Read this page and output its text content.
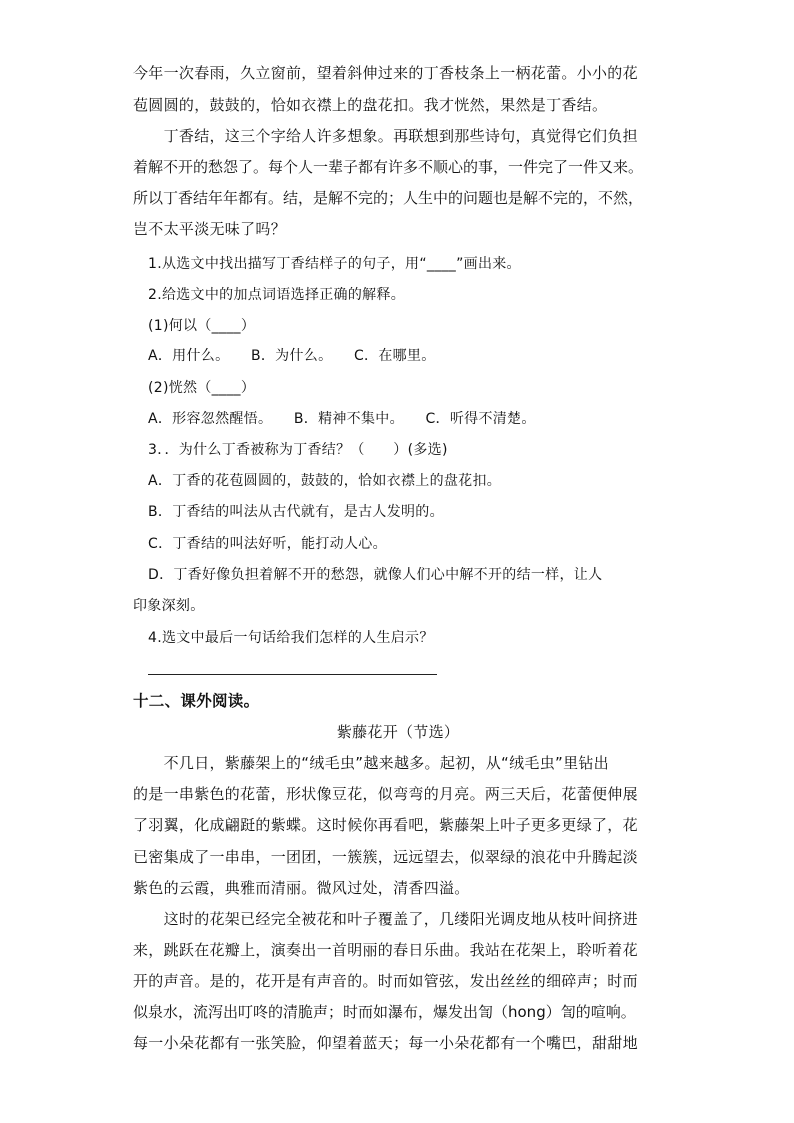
今年一次春雨，久立窗前，望着斜伸过来的丁香枝条上一柄花蕾。小小的花
苞圆圆的，鼓鼓的，恰如衣襟上的盘花扣。我才恍然，果然是丁香结。
　　丁香结，这三个字给人许多想象。再联想到那些诗句，真觉得它们负担
着解不开的愁怨了。每个人一辈子都有许多不顺心的事，一件完了一件又来。
所以丁香结年年都有。结，是解不完的；人生中的问题也是解不完的，不然，
岂不太平淡无味了吗？
1.从选文中找出描写丁香结样子的句子，用“____”画出来。
2.给选文中的加点词语选择正确的解释。
(1)何以（____）
A．用什么。　　B．为什么。　　C．在哪里。
(2)恍然（____）
A．形容忽然醒悟。　　B．精神不集中。　　C．听得不清楚。
3．．为什么丁香被称为丁香结？（　　）(多选)
A．丁香的花苞圆圆的，鼓鼓的，恰如衣襟上的盘花扣。
B．丁香结的叫法从古代就有，是古人发明的。
C．丁香结的叫法好听，能打动人心。
D．丁香好像负担着解不开的愁怨，就像人们心中解不开的结一样，让人
印象深刻。
4.选文中最后一句话给我们怎样的人生启示？
十二、课外阅读。
紫藤花开（节选）
　　不几日，紫藤架上的“绒毛虫”越来越多。起初，从“绒毛虫”里钻出
的是一串紫色的花蕾，形状像豆花，似弯弯的月亮。两三天后，花蕾便伸展
了羽翼，化成翩跹的紫蝶。这时候你再看吧，紫藤架上叶子更多更绿了，花
已密集成了一串串，一团团，一簇簇，远远望去，似翠绿的浪花中升腾起淡
紫色的云霞，典雅而清丽。微风过处，清香四溢。
　　这时的花架已经完全被花和叶子覆盖了，几缕阳光调皮地从枝叶间挤进
来，跳跃在花瓣上，演奏出一首明丽的春日乐曲。我站在花架上，聆听着花
开的声音。是的，花开是有声音的。时而如管弦，发出丝丝的细碎声；时而
似泉水，流泻出叮咚的清脆声；时而如瀑布，爆发出訇（hong）訇的喧响。
每一小朵花都有一张笑脸，仰望着蓝天；每一小朵花都有一个嘴巴，甜甜地
